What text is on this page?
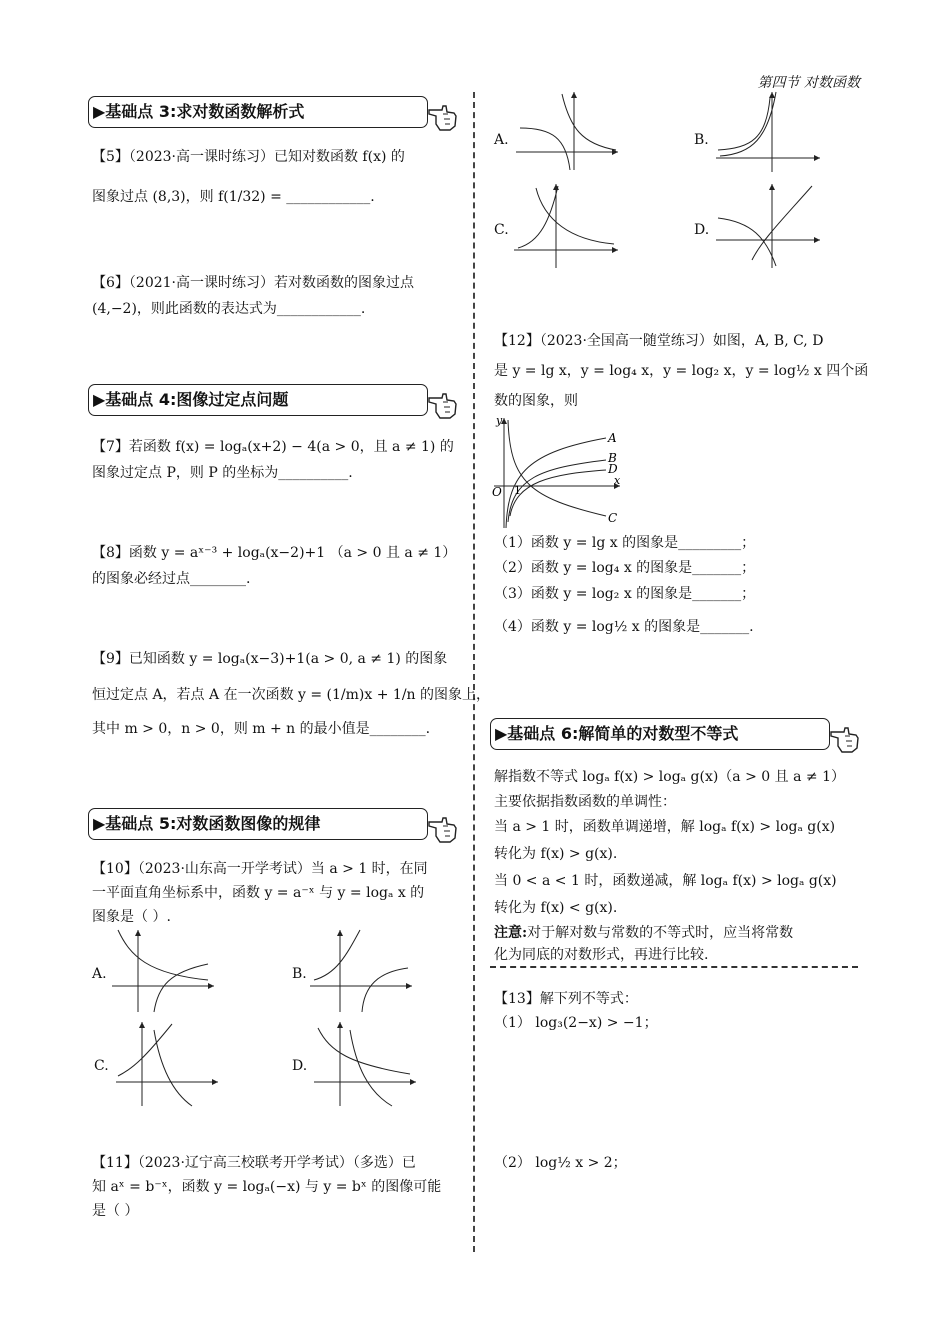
第四节 对数函数
▶基础点 3:求对数函数解析式
【5】（2023·高一课时练习）已知对数函数 f(x) 的
图象过点 (8,3)，则 f(1/32) = ____________.
【6】（2021·高一课时练习）若对数函数的图象过点
(4,−2)，则此函数的表达式为____________.
▶基础点 4:图像过定点问题
【7】若函数 f(x) = logₐ(x+2) − 4(a > 0，且 a ≠ 1) 的
图象过定点 P，则 P 的坐标为__________.
【8】函数 y = aˣ⁻³ + logₐ(x−2)+1 （a > 0 且 a ≠ 1）
的图象必经过点________.
【9】已知函数 y = logₐ(x−3)+1(a > 0, a ≠ 1) 的图象
恒过定点 A，若点 A 在一次函数 y = (1/m)x + 1/n 的图象上，
其中 m > 0，n > 0，则 m + n 的最小值是________.
▶基础点 5:对数函数图像的规律
【10】（2023·山东高一开学考试）当 a > 1 时，在同
一平面直角坐标系中，函数 y = a⁻ˣ 与 y = logₐ x 的
图象是（ ）.
A.	B.
C.	D.
【11】（2023·辽宁高三校联考开学考试）（多选）已
知 aˣ = b⁻ˣ，函数 y = logₐ(−x) 与 y = bˣ 的图像可能
是（ ）
A.	B.
C.	D.
【12】（2023·全国高一随堂练习）如图，A, B, C, D
是 y = lg x，y = log₄ x，y = log₂ x，y = log½ x 四个函
数的图象，则
y
x
O 1
A
B
D
C
（1）函数 y = lg x 的图象是_________；
（2）函数 y = log₄ x 的图象是_______；
（3）函数 y = log₂ x 的图象是_______；
（4）函数 y = log½ x 的图象是_______.
▶基础点 6:解简单的对数型不等式
解指数不等式 logₐ f(x) > logₐ g(x)（a > 0 且 a ≠ 1）
主要依据指数函数的单调性：
当 a > 1 时，函数单调递增，解 logₐ f(x) > logₐ g(x)
转化为 f(x) > g(x).
当 0 < a < 1 时，函数递减，解 logₐ f(x) > logₐ g(x)
转化为 f(x) < g(x).
注意:对于解对数与常数的不等式时，应当将常数
化为同底的对数形式，再进行比较.
【13】解下列不等式：
（1） log₃(2−x) > −1；
（2） log½ x > 2；
